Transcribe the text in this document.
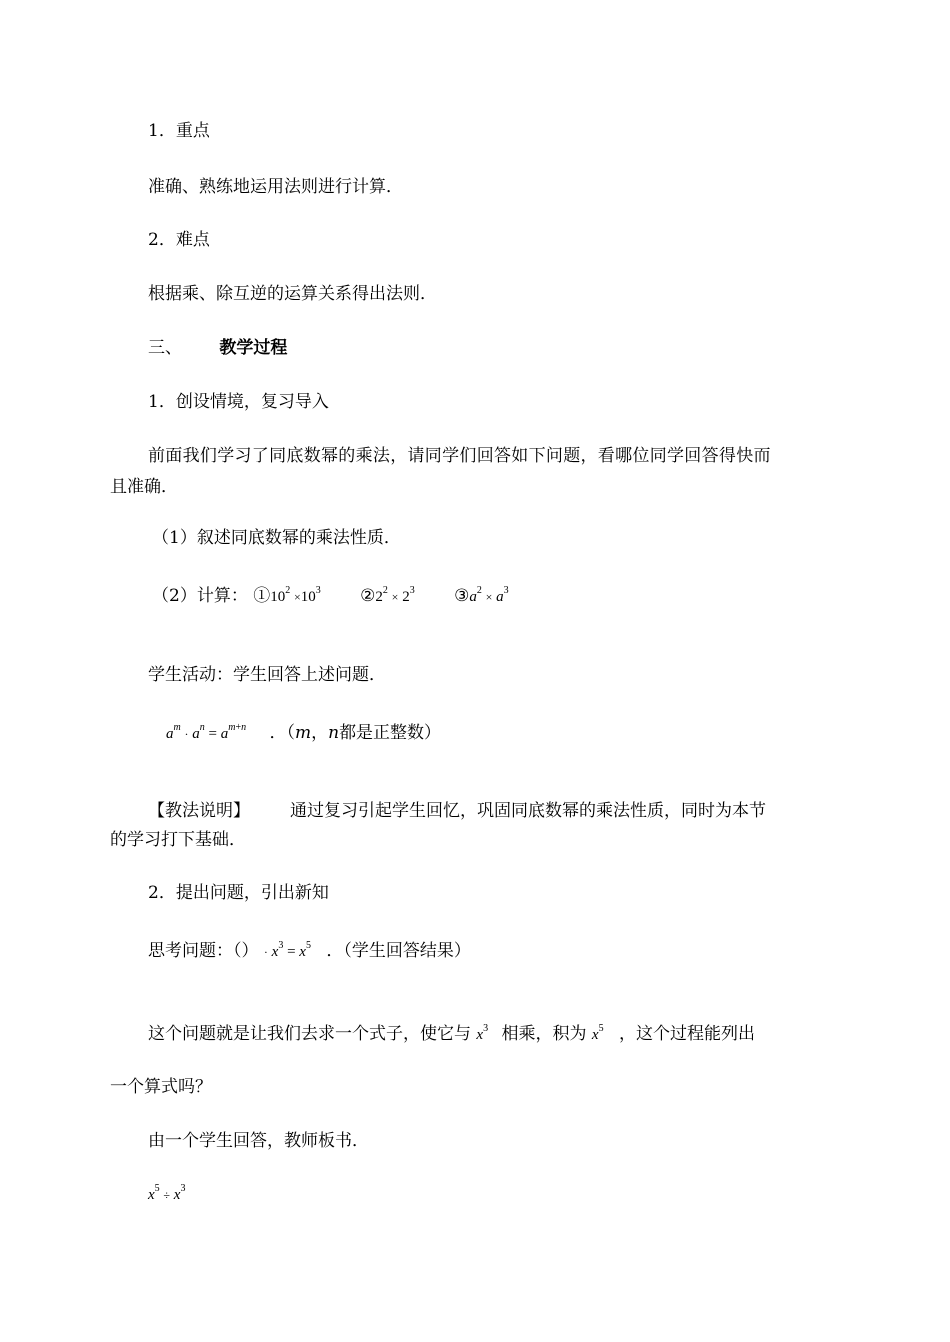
1．重点
准确、熟练地运用法则进行计算．
2．难点
根据乘、除互逆的运算关系得出法则．
三、 教学过程
1．创设情境，复习导入
前面我们学习了同底数幂的乘法，请同学们回答如下问题，看哪位同学回答得快而
且准确．
（1）叙述同底数幂的乘法性质．
（2）计算： $①10^2 \times 10^3$ $②2^2 \times 2^3$ $③a^2 \times a^3$
学生活动：学生回答上述问题．
$a^m \cdot a^n = a^{m+n}$ ．（m，n都是正整数）
【教法说明】 通过复习引起学生回忆，巩固同底数幂的乘法性质，同时为本节
的学习打下基础．
2．提出问题，引出新知
思考问题：（） · $x^3 = x^5$ ．（学生回答结果）
这个问题就是让我们去求一个式子，使它与 $x^3$ 相乘，积为 $x^5$ ，这个过程能列出
一个算式吗？
由一个学生回答，教师板书．
$x^5 \div x^3$
